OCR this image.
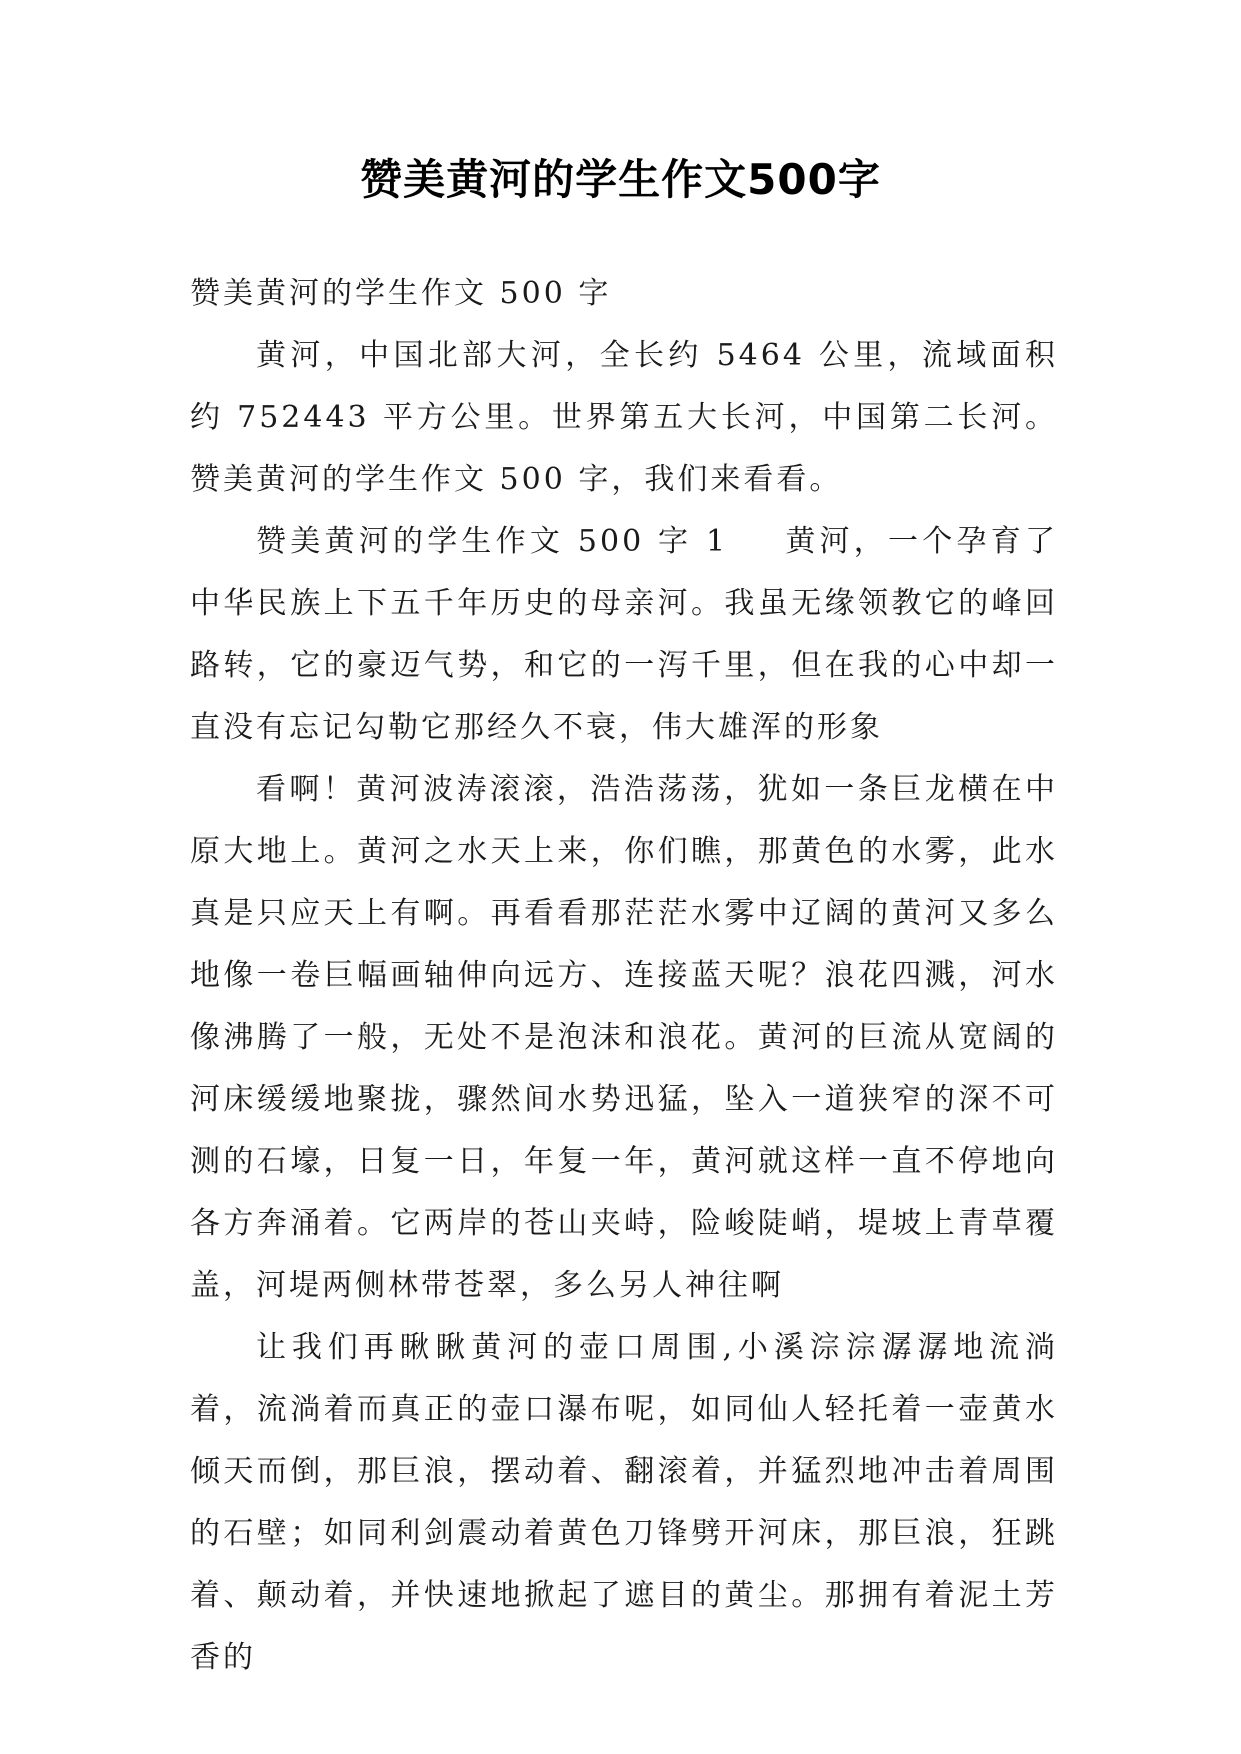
赞美黄河的学生作文500字

赞美黄河的学生作文 500 字

黄河，中国北部大河，全长约 5464 公里，流域面积约 752443 平方公里。世界第五大长河，中国第二长河。赞美黄河的学生作文 500 字，我们来看看。

赞美黄河的学生作文 500 字 1 黄河，一个孕育了中华民族上下五千年历史的母亲河。我虽无缘领教它的峰回路转，它的豪迈气势，和它的一泻千里，但在我的心中却一直没有忘记勾勒它那经久不衰，伟大雄浑的形象

看啊！黄河波涛滚滚，浩浩荡荡，犹如一条巨龙横在中原大地上。黄河之水天上来，你们瞧，那黄色的水雾，此水真是只应天上有啊。再看看那茫茫水雾中辽阔的黄河又多么地像一卷巨幅画轴伸向远方、连接蓝天呢？浪花四溅，河水像沸腾了一般，无处不是泡沫和浪花。黄河的巨流从宽阔的河床缓缓地聚拢，骤然间水势迅猛，坠入一道狭窄的深不可测的石壕，日复一日，年复一年，黄河就这样一直不停地向各方奔涌着。它两岸的苍山夹峙，险峻陡峭，堤坡上青草覆盖，河堤两侧林带苍翠，多么另人神往啊

让我们再瞅瞅黄河的壶口周围,小溪淙淙潺潺地流淌着，流淌着而真正的壶口瀑布呢，如同仙人轻托着一壶黄水倾天而倒，那巨浪，摆动着、翻滚着，并猛烈地冲击着周围的石壁；如同利剑震动着黄色刀锋劈开河床，那巨浪，狂跳着、颠动着，并快速地掀起了遮目的黄尘。那拥有着泥土芳香的
